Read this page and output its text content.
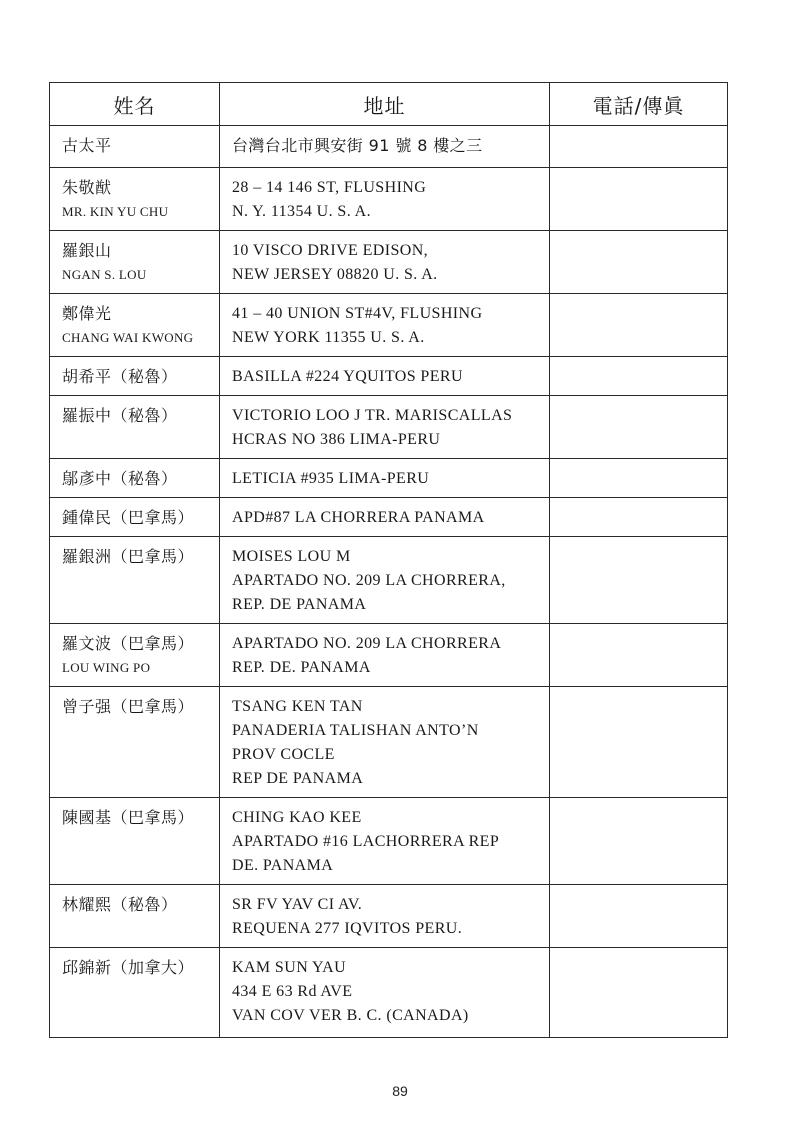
姓名	地址	電話/傳眞

古太平	台灣台北市興安街 91 號 8 樓之三	

朱敬猷
MR. KIN YU CHU	28 – 14 146 ST, FLUSHING
N. Y. 11354 U. S. A.	

羅銀山
NGAN S. LOU	10 VISCO DRIVE EDISON,
NEW JERSEY 08820 U. S. A.	

鄭偉光
CHANG WAI KWONG	41 – 40 UNION ST#4V, FLUSHING
NEW YORK 11355 U. S. A.	

胡希平（秘魯）	BASILLA #224 YQUITOS PERU	

羅振中（秘魯）	VICTORIO LOO J TR. MARISCALLAS
HCRAS NO 386 LIMA-PERU	

鄔彥中（秘魯）	LETICIA #935 LIMA-PERU	

鍾偉民（巴拿馬）	APD#87 LA CHORRERA PANAMA	

羅銀洲（巴拿馬）	MOISES LOU M
APARTADO NO. 209 LA CHORRERA,
REP. DE PANAMA	

羅文波（巴拿馬）
LOU WING PO	APARTADO NO. 209 LA CHORRERA
REP. DE. PANAMA	

曾子强（巴拿馬）	TSANG KEN TAN
PANADERIA TALISHAN ANTO’N
PROV COCLE
REP DE PANAMA	

陳國基（巴拿馬）	CHING KAO KEE
APARTADO #16 LACHORRERA REP
DE. PANAMA	

林耀熙（秘魯）	SR FV YAV CI AV.
REQUENA 277 IQVITOS PERU.	

邱錦新（加拿大）	KAM SUN YAU
434 E 63 Rd AVE
VAN COV VER B. C. (CANADA)	

89
